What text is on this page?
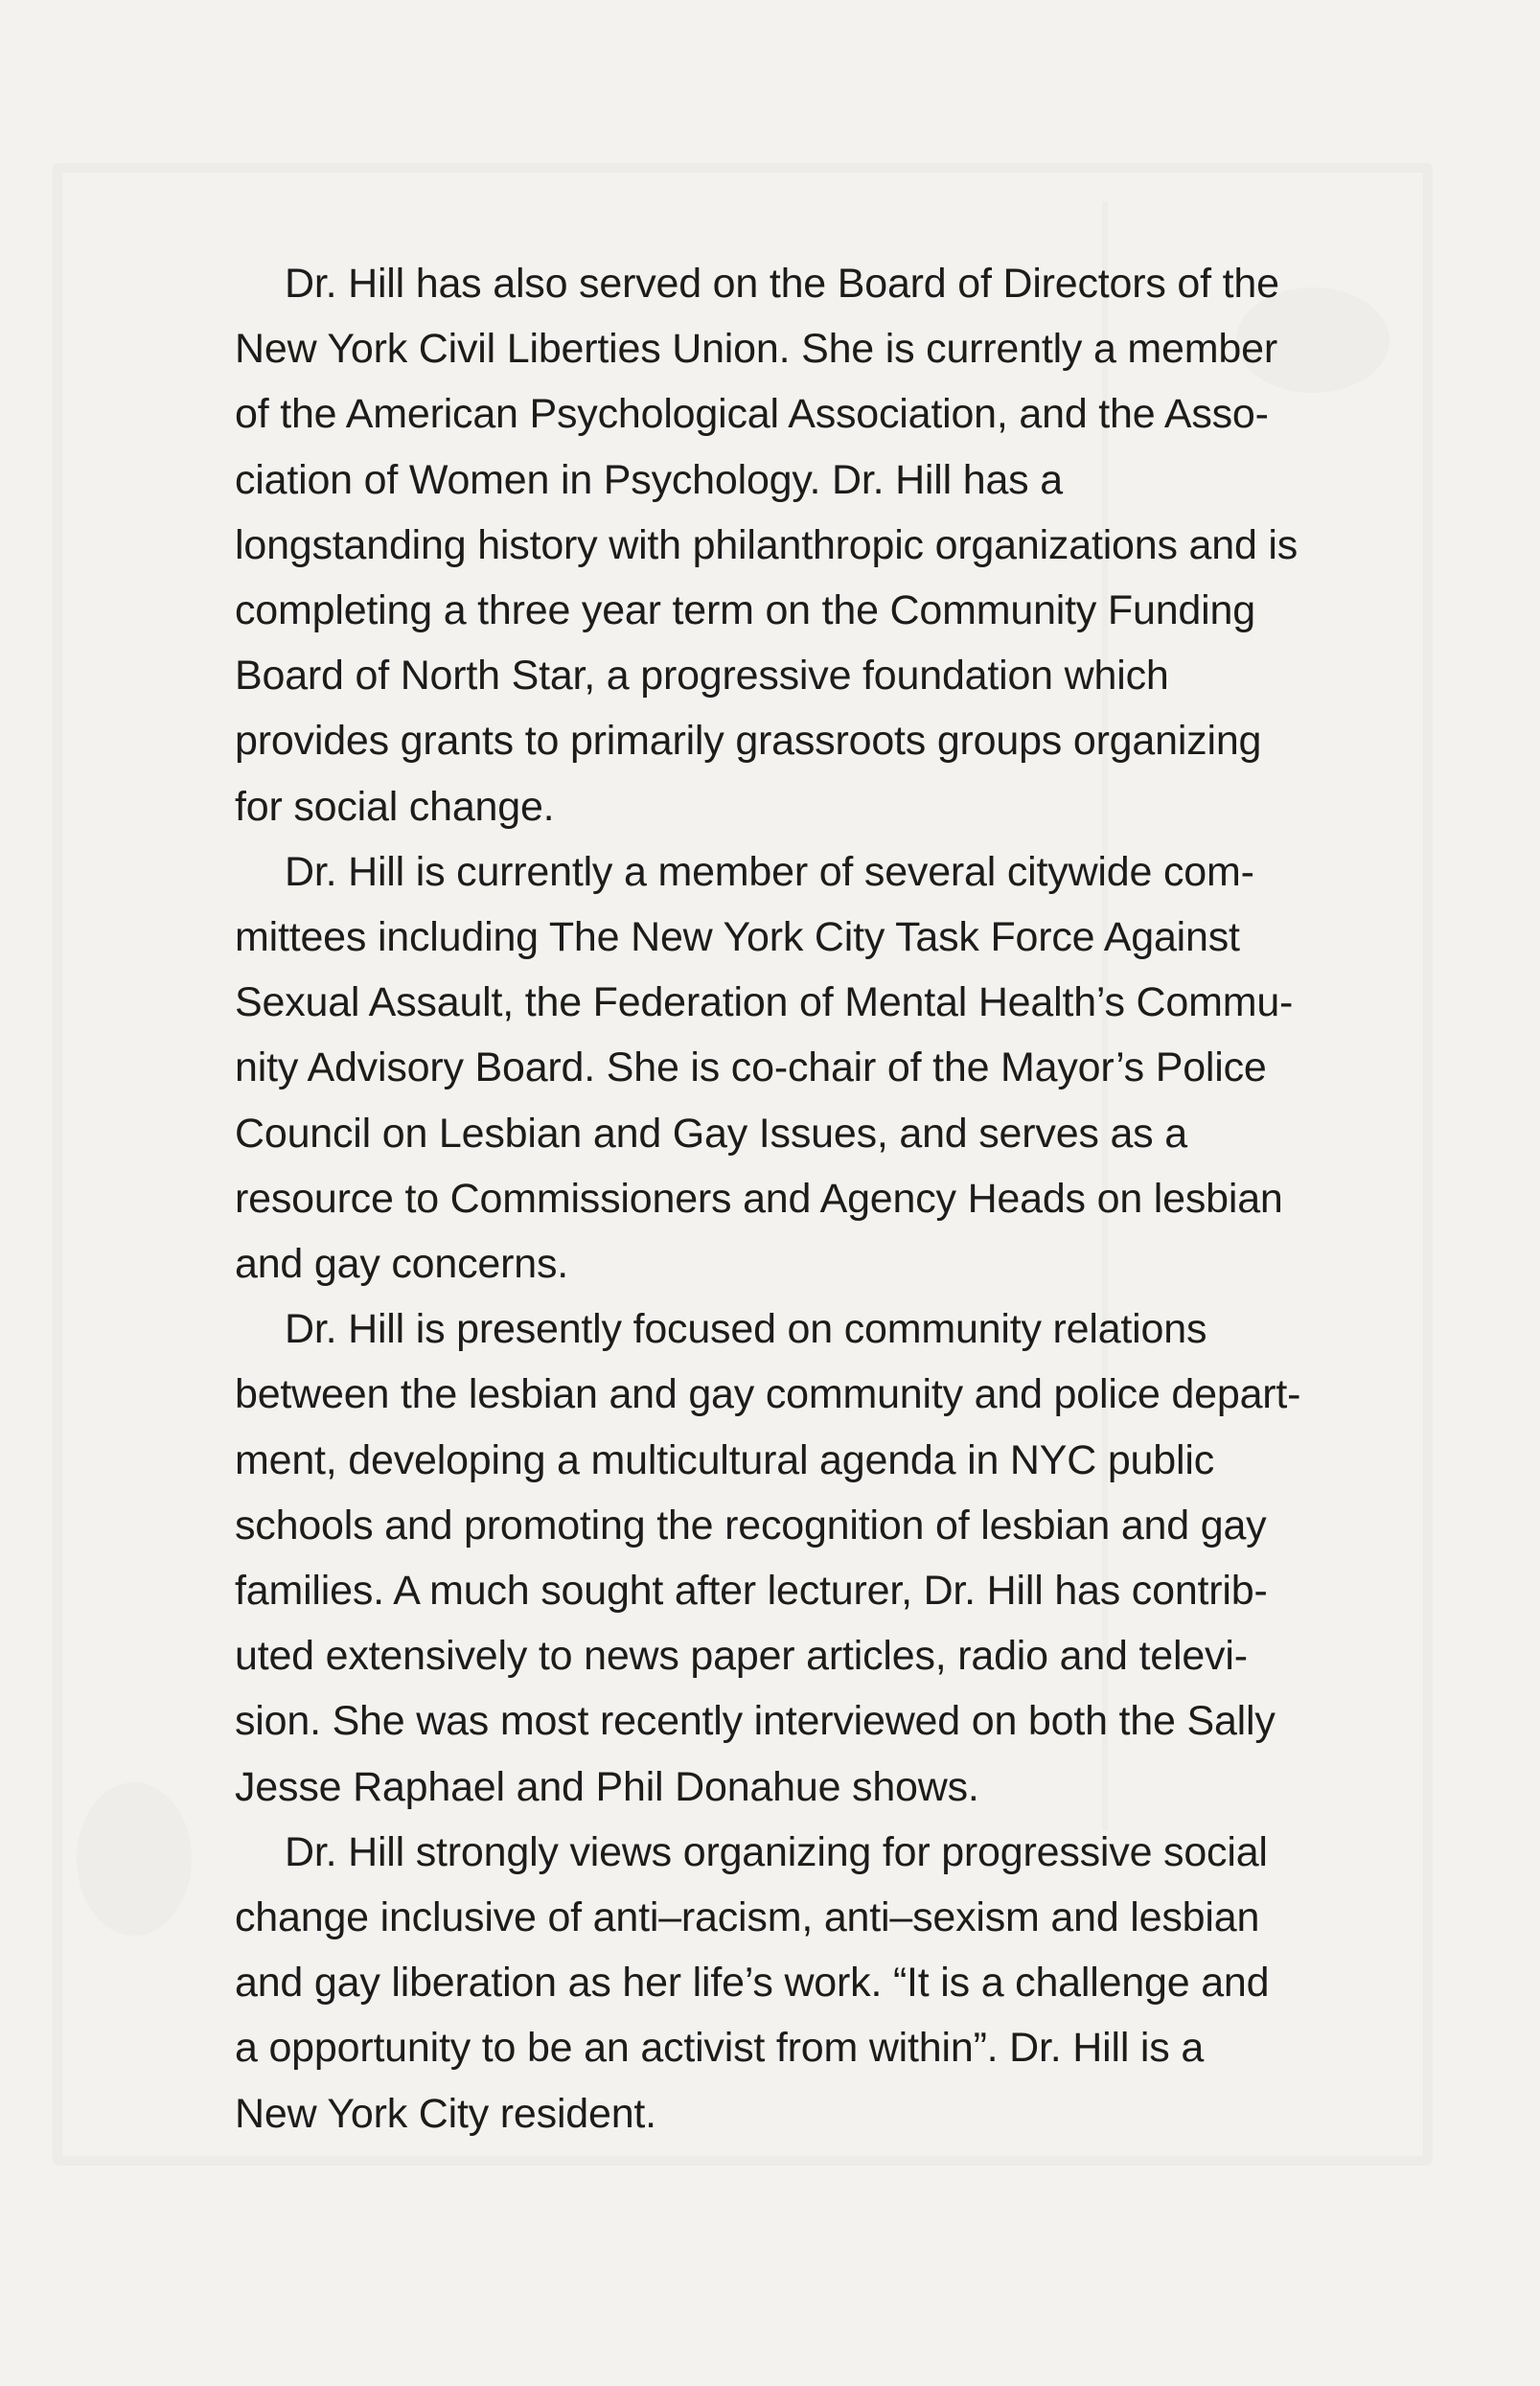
Dr. Hill has also served on the Board of Directors of the
New York Civil Liberties Union. She is currently a member
of the American Psychological Association, and the Asso-
ciation of Women in Psychology. Dr. Hill has a
longstanding history with philanthropic organizations and is
completing a three year term on the Community Funding
Board of North Star, a progressive foundation which
provides grants to primarily grassroots groups organizing
for social change.

Dr. Hill is currently a member of several citywide com-
mittees including The New York City Task Force Against
Sexual Assault, the Federation of Mental Health’s Commu-
nity Advisory Board. She is co-chair of the Mayor’s Police
Council on Lesbian and Gay Issues, and serves as a
resource to Commissioners and Agency Heads on lesbian
and gay concerns.

Dr. Hill is presently focused on community relations
between the lesbian and gay community and police depart-
ment, developing a multicultural agenda in NYC public
schools and promoting the recognition of lesbian and gay
families. A much sought after lecturer, Dr. Hill has contrib-
uted extensively to news paper articles, radio and televi-
sion. She was most recently interviewed on both the Sally
Jesse Raphael and Phil Donahue shows.

Dr. Hill strongly views organizing for progressive social
change inclusive of anti–racism, anti–sexism and lesbian
and gay liberation as her life’s work. “It is a challenge and
a opportunity to be an activist from within”. Dr. Hill is a
New York City resident.
